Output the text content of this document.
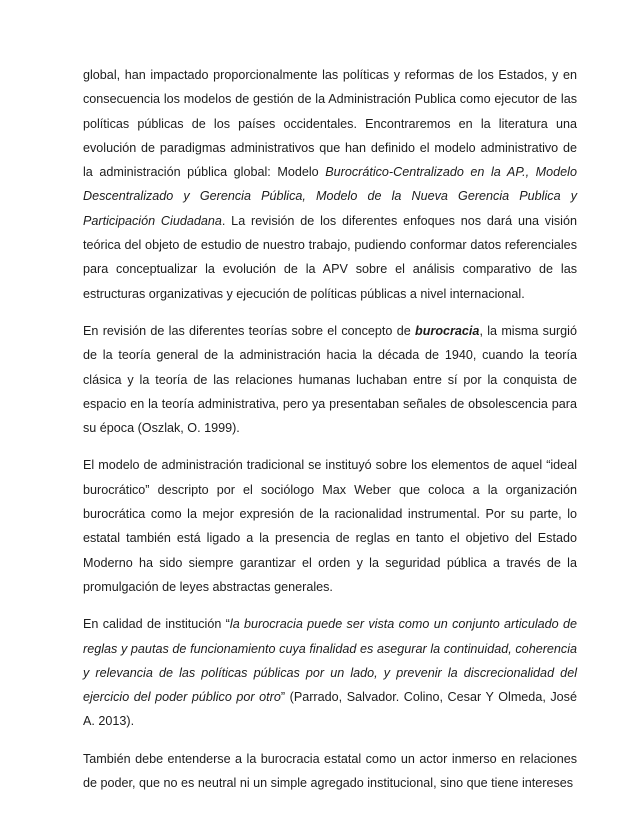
global, han impactado proporcionalmente las políticas y reformas de los Estados, y en consecuencia los modelos de gestión de la Administración Publica como ejecutor de las políticas públicas de los países occidentales. Encontraremos en la literatura una evolución de paradigmas administrativos que han definido el modelo administrativo de la administración pública global: Modelo Burocrático-Centralizado en la AP., Modelo Descentralizado y Gerencia Pública, Modelo de la Nueva Gerencia Publica y Participación Ciudadana. La revisión de los diferentes enfoques nos dará una visión teórica del objeto de estudio de nuestro trabajo, pudiendo conformar datos referenciales para conceptualizar la evolución de la APV sobre el análisis comparativo de las estructuras organizativas y ejecución de políticas públicas a nivel internacional.

En revisión de las diferentes teorías sobre el concepto de burocracia, la misma surgió de la teoría general de la administración hacia la década de 1940, cuando la teoría clásica y la teoría de las relaciones humanas luchaban entre sí por la conquista de espacio en la teoría administrativa, pero ya presentaban señales de obsolescencia para su época (Oszlak, O. 1999).

El modelo de administración tradicional se instituyó sobre los elementos de aquel “ideal burocrático” descripto por el sociólogo Max Weber que coloca a la organización burocrática como la mejor expresión de la racionalidad instrumental. Por su parte, lo estatal también está ligado a la presencia de reglas en tanto el objetivo del Estado Moderno ha sido siempre garantizar el orden y la seguridad pública a través de la promulgación de leyes abstractas generales.

En calidad de institución “la burocracia puede ser vista como un conjunto articulado de reglas y pautas de funcionamiento cuya finalidad es asegurar la continuidad, coherencia y relevancia de las políticas públicas por un lado, y prevenir la discrecionalidad del ejercicio del poder público por otro” (Parrado, Salvador. Colino, Cesar Y Olmeda, José A. 2013).

También debe entenderse a la burocracia estatal como un actor inmerso en relaciones de poder, que no es neutral ni un simple agregado institucional, sino que tiene intereses
